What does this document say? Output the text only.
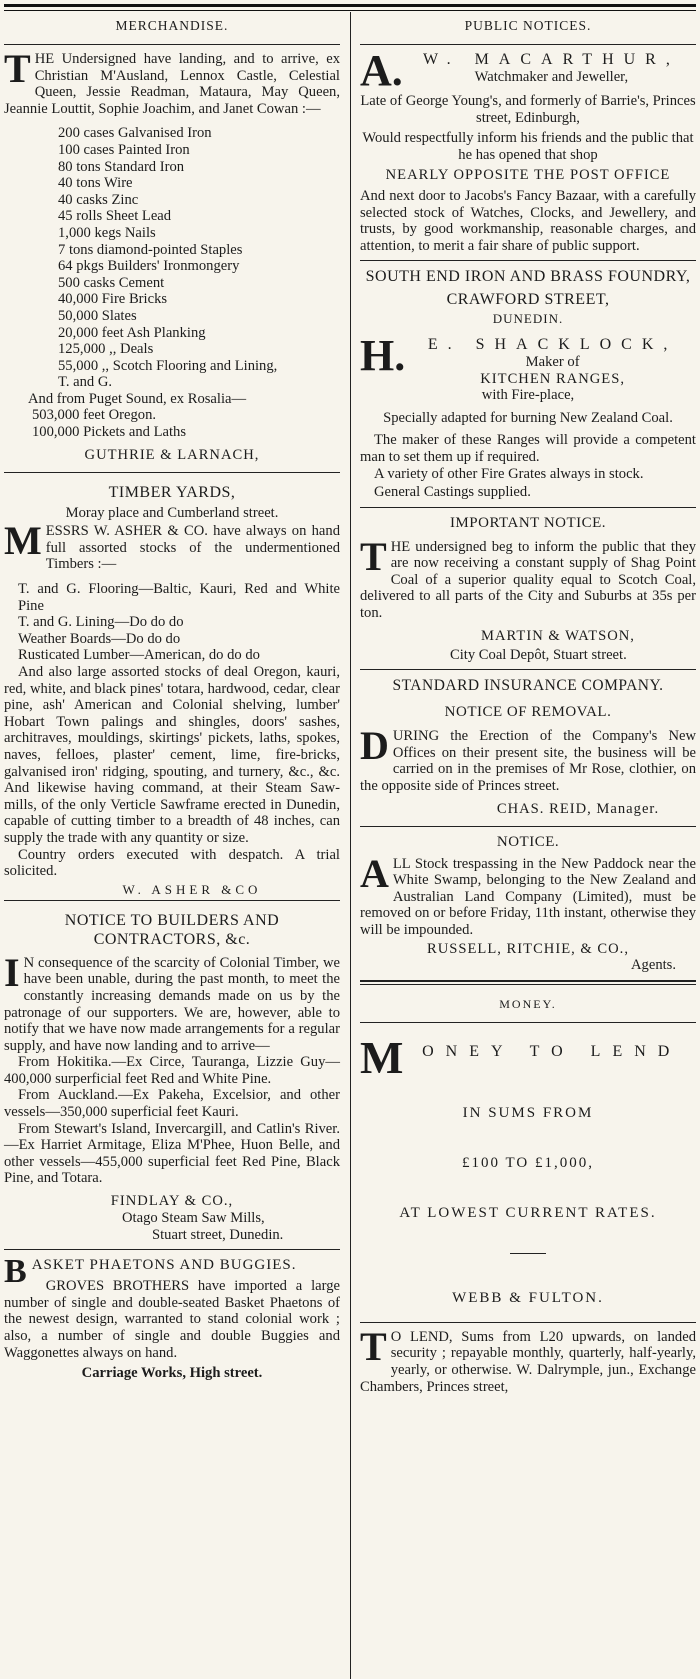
MERCHANDISE.

THE Undersigned have landing, and to arrive, ex Christian M'Ausland, Lennox Castle, Celestial Queen, Jessie Readman, Mataura, May Queen, Jeannie Louttit, Sophie Joachim, and Janet Cowan :—

200 cases Galvanised Iron

100 cases Painted Iron

80 tons Standard Iron

40 tons Wire

40 casks Zinc

45 rolls Sheet Lead

1,000 kegs Nails

7 tons diamond-pointed Staples

64 pkgs Builders' Ironmongery

500 casks Cement

40,000 Fire Bricks

50,000 Slates

20,000 feet Ash Planking

125,000 ,, Deals

55,000 ,, Scotch Flooring and Lining,

T. and G.

And from Puget Sound, ex Rosalia—

503,000 feet Oregon.

100,000 Pickets and Laths

GUTHRIE & LARNACH,
TIMBER YARDS,

Moray place and Cumberland street.

MESSRS W. ASHER & CO. have always on hand full assorted stocks of the undermentioned Timbers :—

T. and G. Flooring—Baltic, Kauri, Red and White Pine

T. and G. Lining—Do do do

Weather Boards—Do do do

Rusticated Lumber—American, do do do

And also large assorted stocks of deal Oregon, kauri, red, white, and black pines' totara, hardwood, cedar, clear pine, ash' American and Colonial shelving, lumber' Hobart Town palings and shingles, doors' sashes, architraves, mouldings, skirtings' pickets, laths, spokes, naves, felloes, plaster' cement, lime, fire-bricks, galvanised iron' ridging, spouting, and turnery, &c., &c. And likewise having command, at their Steam Saw-mills, of the only Verticle Sawframe erected in Dunedin, capable of cutting timber to a breadth of 48 inches, can supply the trade with any quantity or size.

Country orders executed with despatch. A trial solicited.

W. ASHER &CO
NOTICE TO BUILDERS AND CONTRACTORS, &c.

I N consequence of the scarcity of Colonial Timber, we have been unable, during the past month, to meet the constantly increasing demands made on us by the patronage of our supporters. We are, however, able to notify that we have now made arrangements for a regular supply, and have now landing and to arrive—

From Hokitika.—Ex Circe, Tauranga, Lizzie Guy—400,000 surperficial feet Red and White Pine.

From Auckland.—Ex Pakeha, Excelsior, and other vessels—350,000 superficial feet Kauri.

From Stewart's Island, Invercargill, and Catlin's River.—Ex Harriet Armitage, Eliza M'Phee, Huon Belle, and other vessels—455,000 superficial feet Red Pine, Black Pine, and Totara.

FINDLAY & CO.,

Otago Steam Saw Mills,

Stuart street, Dunedin.

BASKET PHAETONS AND BUGGIES.

GROVES BROTHERS have imported a large number of single and double-seated Basket Phaetons of the newest design, warranted to stand colonial work ; also, a number of single and double Buggies and Waggonettes always on hand.

Carriage Works, High street.

PUBLIC NOTICES.
A.	W. MACARTHUR,
Watchmaker and Jeweller,

Late of George Young's, and formerly of Barrie's, Princes street, Edinburgh,

Would respectfully inform his friends and the public that he has opened that shop

NEARLY OPPOSITE THE POST OFFICE

And next door to Jacobs's Fancy Bazaar, with a carefully selected stock of Watches, Clocks, and Jewellery, and trusts, by good workmanship, reasonable charges, and attention, to merit a fair share of public support.

SOUTH END IRON AND BRASS FOUNDRY,
CRAWFORD STREET,
DUNEDIN.
H.	E. SHACKLOCK,
Maker of
KITCHEN RANGES,
with Fire-place,

Specially adapted for burning New Zealand Coal.

The maker of these Ranges will provide a competent man to set them up if required.

A variety of other Fire Grates always in stock.

General Castings supplied.

IMPORTANT NOTICE.

THE undersigned beg to inform the public that they are now receiving a constant supply of Shag Point Coal of a superior quality equal to Scotch Coal, delivered to all parts of the City and Suburbs at 35s per ton.

MARTIN & WATSON,

City Coal Depôt, Stuart street.

STANDARD INSURANCE COMPANY.
NOTICE OF REMOVAL.

DURING the Erection of the Company's New Offices on their present site, the business will be carried on in the premises of Mr Rose, clothier, on the opposite side of Princes street.

CHAS. REID, Manager.
NOTICE.

ALL Stock trespassing in the New Paddock near the White Swamp, belonging to the New Zealand and Australian Land Company (Limited), must be removed on or before Friday, 11th instant, otherwise they will be impounded.

RUSSELL, RITCHIE, & CO.,

Agents.

MONEY.
M	ONEY TO LEND
IN SUMS FROM
£100 TO £1,000,
AT LOWEST CURRENT RATES.
WEBB & FULTON.

T O LEND, Sums from L20 upwards, on landed security ; repayable monthly, quarterly, half-yearly, yearly, or otherwise. W. Dalrymple, jun., Exchange Chambers, Princes street,
